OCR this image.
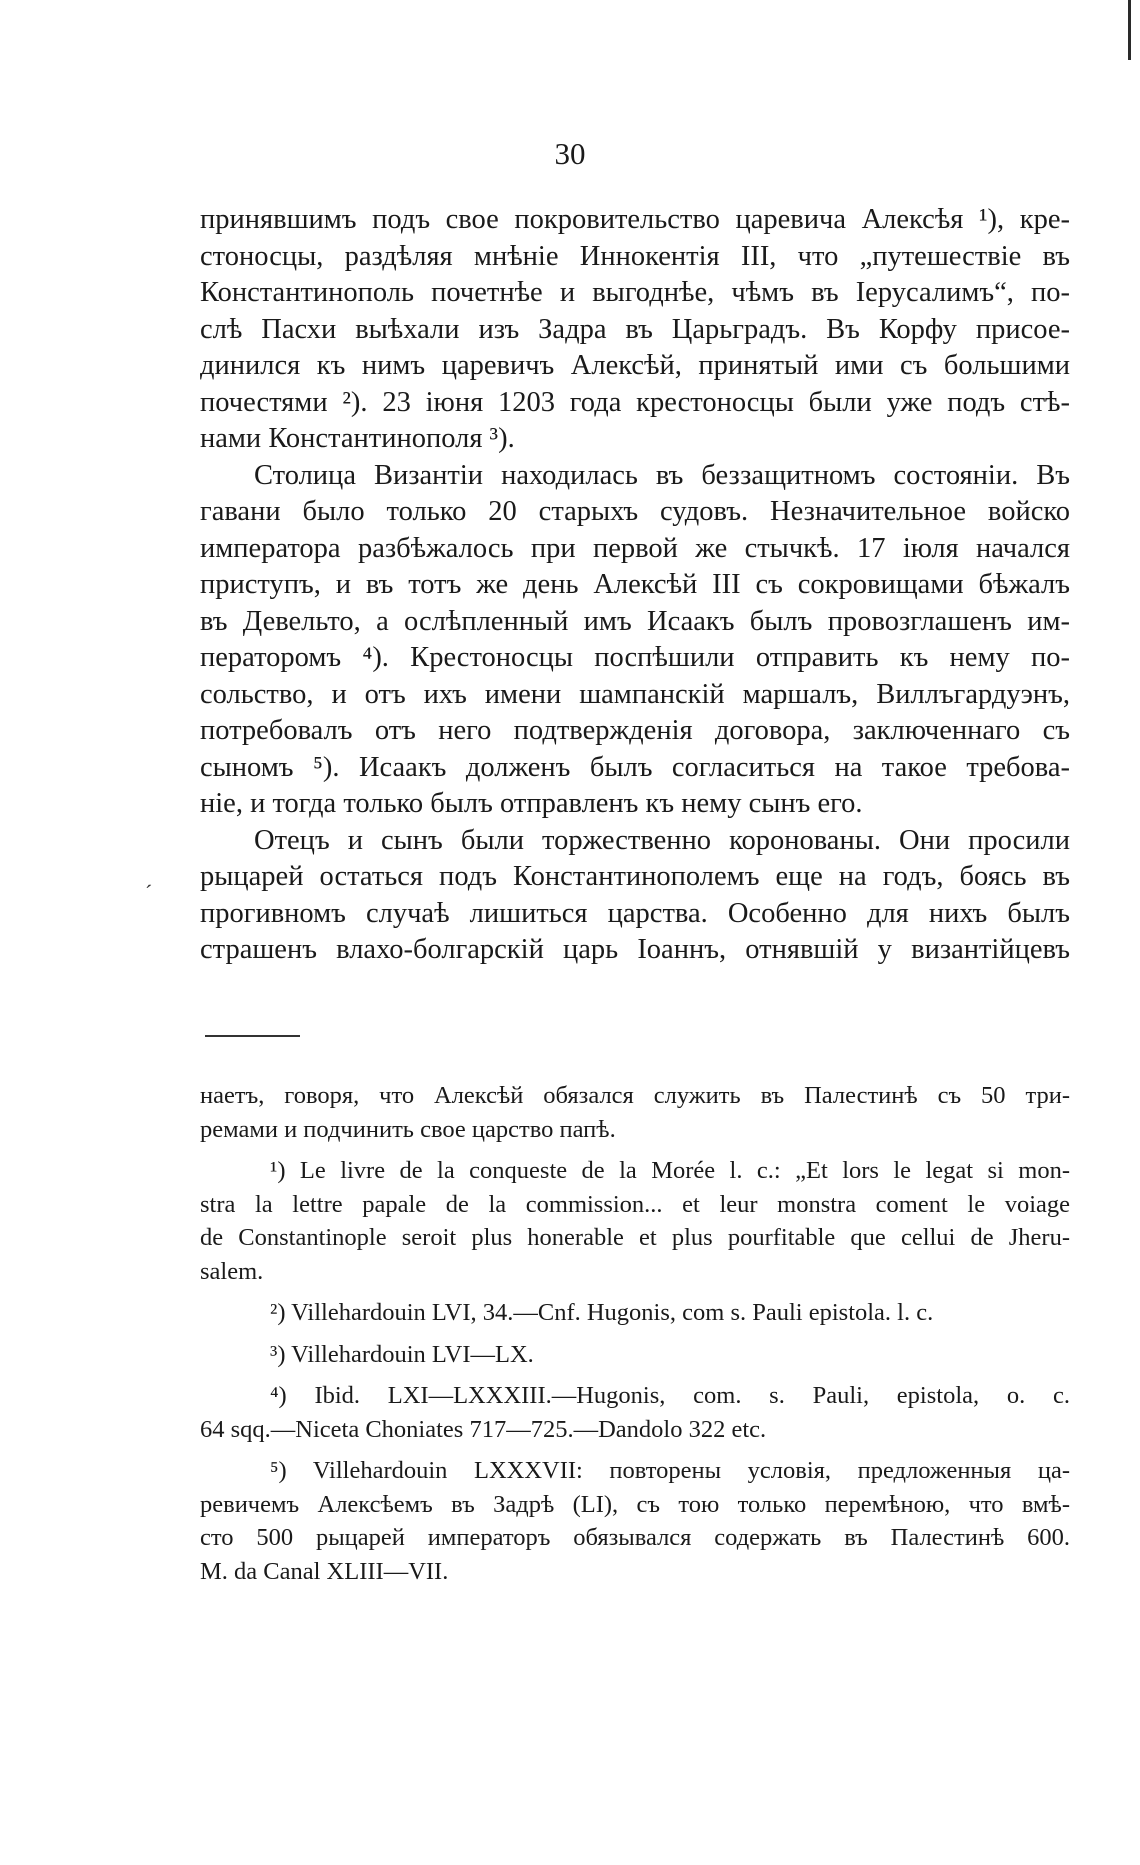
30
принявшимъ подъ свое покровительство царевича Алексѣя ¹), кре-
стоносцы, раздѣляя мнѣніе Иннокентія III, что „путешествіе въ
Константинополь почетнѣе и выгоднѣе, чѣмъ въ Іерусалимъ“, по-
слѣ Пасхи выѣхали изъ Задра въ Царьградъ. Въ Корфу присое-
динился къ нимъ царевичъ Алексѣй, принятый ими съ большими
почестями ²). 23 іюня 1203 года крестоносцы были уже подъ стѣ-
нами Константинополя ³).
Столица Византіи находилась въ беззащитномъ состояніи. Въ
гавани было только 20 старыхъ судовъ. Незначительное войско
императора разбѣжалось при первой же стычкѣ. 17 іюля начался
приступъ, и въ тотъ же день Алексѣй III съ сокровищами бѣжалъ
въ Девельто, а ослѣпленный имъ Исаакъ былъ провозглашенъ им-
ператоромъ ⁴). Крестоносцы поспѣшили отправить къ нему по-
сольство, и отъ ихъ имени шампанскій маршалъ, Виллъгардуэнъ,
потребовалъ отъ него подтвержденія договора, заключеннаго съ
сыномъ ⁵). Исаакъ долженъ былъ согласиться на такое требова-
ніе, и тогда только былъ отправленъ къ нему сынъ его.
Отецъ и сынъ были торжественно коронованы. Они просили
рыцарей остаться подъ Константинополемъ еще на годъ, боясь въ
прогивномъ случаѣ лишиться царства. Особенно для нихъ былъ
страшенъ влахо-болгарскій царь Іоаннъ, отнявшій у византійцевъ
наетъ, говоря, что Алексѣй обязался служить въ Палестинѣ съ 50 три-
ремами и подчинить свое царство папѣ.
¹) Le livre de la conqueste de la Morée l. c.: „Et lors le legat si mon-
stra la lettre papale de la commission... et leur monstra coment le voiage
de Constantinople seroit plus honerable et plus pourfitable que cellui de Jheru-
salem.
²) Villehardouin LVI, 34.—Cnf. Hugonis, com s. Pauli epistola. l. c.
³) Villehardouin LVI—LX.
⁴) Ibid. LXI—LXXXIII.—Hugonis, com. s. Pauli, epistola, o. c.
64 sqq.—Niceta Choniates 717—725.—Dandolo 322 etc.
⁵) Villehardouin LXXXVII: повторены условія, предложенныя ца-
ревичемъ Алексѣемъ въ Задрѣ (LI), съ тою только перемѣною, что вмѣ-
сто 500 рыцарей императоръ обязывался содержать въ Палестинѣ 600.
M. da Canal XLIII—VII.
ˊ
